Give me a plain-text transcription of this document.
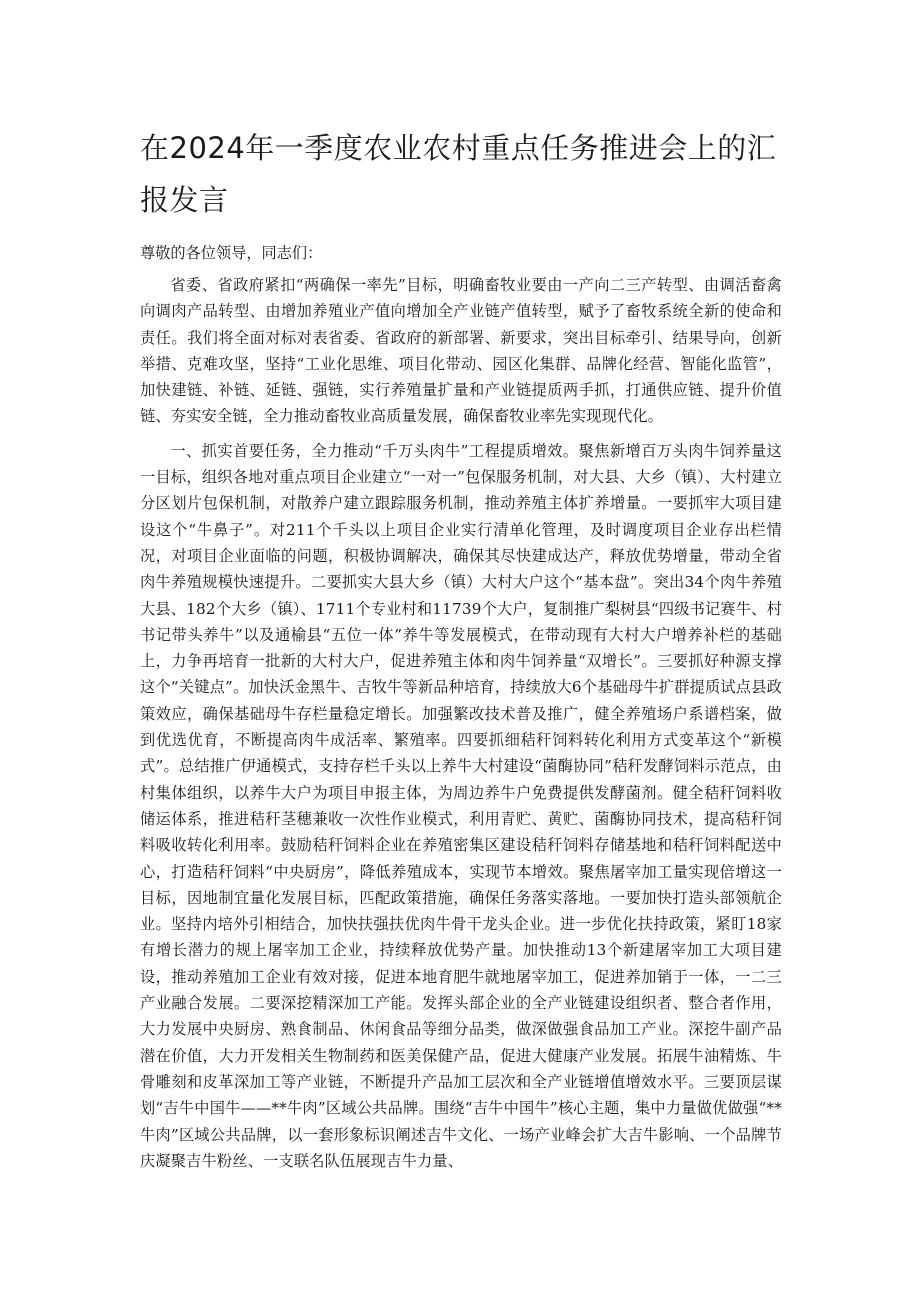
在2024年一季度农业农村重点任务推进会上的汇报发言

尊敬的各位领导，同志们：

省委、省政府紧扣“两确保一率先”目标，明确畜牧业要由一产向二三产转型、由调活畜禽向调肉产品转型、由增加养殖业产值向增加全产业链产值转型，赋予了畜牧系统全新的使命和责任。我们将全面对标对表省委、省政府的新部署、新要求，突出目标牵引、结果导向，创新举措、克难攻坚，坚持“工业化思维、项目化带动、园区化集群、品牌化经营、智能化监管”，加快建链、补链、延链、强链，实行养殖量扩量和产业链提质两手抓，打通供应链、提升价值链、夯实安全链，全力推动畜牧业高质量发展，确保畜牧业率先实现现代化。

一、抓实首要任务，全力推动“千万头肉牛”工程提质增效。聚焦新增百万头肉牛饲养量这一目标，组织各地对重点项目企业建立“一对一”包保服务机制，对大县、大乡（镇）、大村建立分区划片包保机制，对散养户建立跟踪服务机制，推动养殖主体扩养增量。一要抓牢大项目建设这个“牛鼻子”。对211个千头以上项目企业实行清单化管理，及时调度项目企业存出栏情况，对项目企业面临的问题，积极协调解决，确保其尽快建成达产，释放优势增量，带动全省肉牛养殖规模快速提升。二要抓实大县大乡（镇）大村大户这个“基本盘”。突出34个肉牛养殖大县、182个大乡（镇）、1711个专业村和11739个大户，复制推广梨树县“四级书记赛牛、村书记带头养牛”以及通榆县“五位一体”养牛等发展模式，在带动现有大村大户增养补栏的基础上，力争再培育一批新的大村大户，促进养殖主体和肉牛饲养量“双增长”。三要抓好种源支撑这个“关键点”。加快沃金黑牛、吉牧牛等新品种培育，持续放大6个基础母牛扩群提质试点县政策效应，确保基础母牛存栏量稳定增长。加强繁改技术普及推广，健全养殖场户系谱档案，做到优选优育，不断提高肉牛成活率、繁殖率。四要抓细秸秆饲料转化利用方式变革这个“新模式”。总结推广伊通模式，支持存栏千头以上养牛大村建设“菌酶协同”秸秆发酵饲料示范点，由村集体组织，以养牛大户为项目申报主体，为周边养牛户免费提供发酵菌剂。健全秸秆饲料收储运体系，推进秸秆茎穗兼收一次性作业模式，利用青贮、黄贮、菌酶协同技术，提高秸秆饲料吸收转化利用率。鼓励秸秆饲料企业在养殖密集区建设秸秆饲料存储基地和秸秆饲料配送中心，打造秸秆饲料“中央厨房”，降低养殖成本，实现节本增效。聚焦屠宰加工量实现倍增这一目标，因地制宜量化发展目标，匹配政策措施，确保任务落实落地。一要加快打造头部领航企业。坚持内培外引相结合，加快扶强扶优肉牛骨干龙头企业。进一步优化扶持政策，紧盯18家有增长潜力的规上屠宰加工企业，持续释放优势产量。加快推动13个新建屠宰加工大项目建设，推动养殖加工企业有效对接，促进本地育肥牛就地屠宰加工，促进养加销于一体，一二三产业融合发展。二要深挖精深加工产能。发挥头部企业的全产业链建设组织者、整合者作用，大力发展中央厨房、熟食制品、休闲食品等细分品类，做深做强食品加工产业。深挖牛副产品潜在价值，大力开发相关生物制药和医美保健产品，促进大健康产业发展。拓展牛油精炼、牛骨雕刻和皮革深加工等产业链，不断提升产品加工层次和全产业链增值增效水平。三要顶层谋划“吉牛中国牛——**牛肉”区域公共品牌。围绕“吉牛中国牛”核心主题，集中力量做优做强“**牛肉”区域公共品牌，以一套形象标识阐述吉牛文化、一场产业峰会扩大吉牛影响、一个品牌节庆凝聚吉牛粉丝、一支联名队伍展现吉牛力量、
